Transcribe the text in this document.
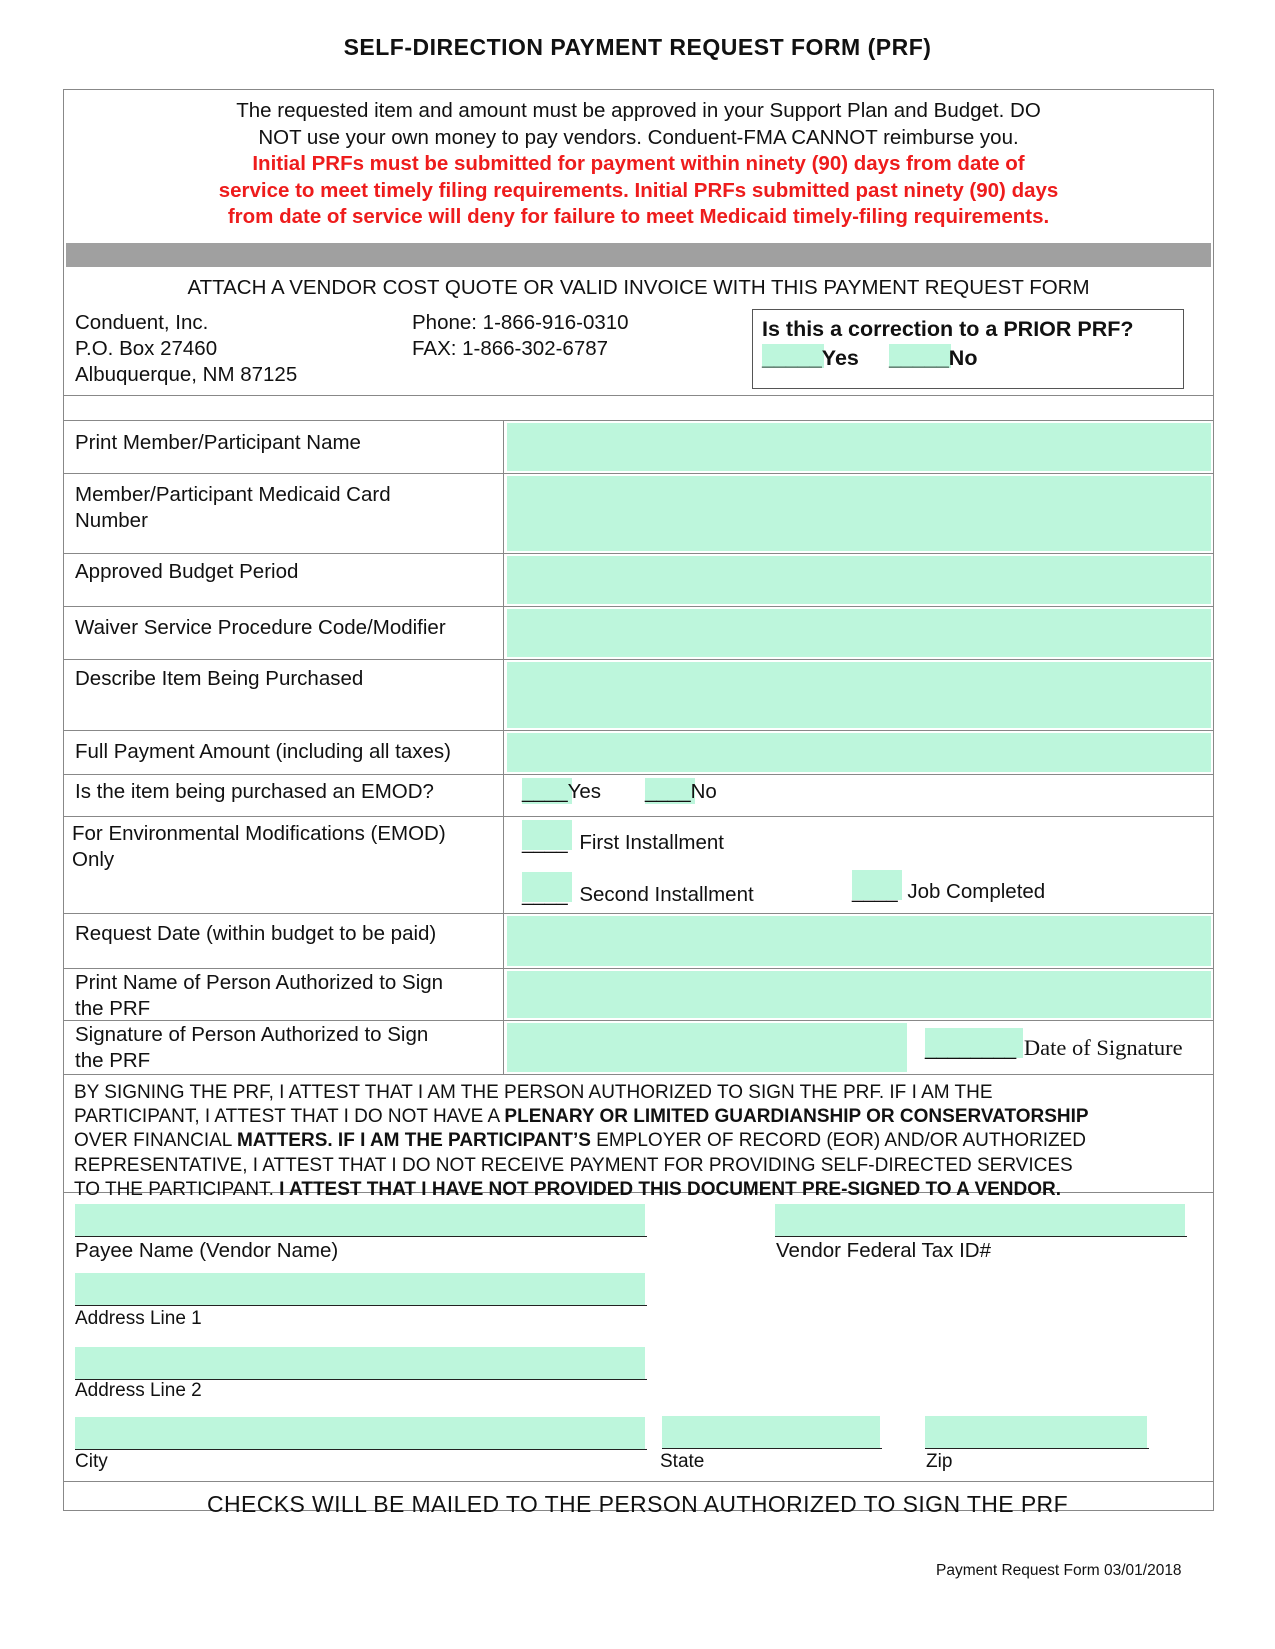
SELF-DIRECTION PAYMENT REQUEST FORM (PRF)
The requested item and amount must be approved in your Support Plan and Budget. DO
NOT use your own money to pay vendors. Conduent-FMA CANNOT reimburse you.
Initial PRFs must be submitted for payment within ninety (90) days from date of
service to meet timely filing requirements. Initial PRFs submitted past ninety (90) days
from date of service will deny for failure to meet Medicaid timely-filing requirements.
ATTACH A VENDOR COST QUOTE OR VALID INVOICE WITH THIS PAYMENT REQUEST FORM
Conduent, Inc.
P.O. Box 27460
Albuquerque, NM 87125
Phone: 1-866-916-0310
FAX: 1-866-302-6787
Is this a correction to a PRIOR PRF?
_____Yes _____No
Print Member/Participant Name
Member/Participant Medicaid Card
Number
Approved Budget Period
Waiver Service Procedure Code/Modifier
Describe Item Being Purchased
Full Payment Amount (including all taxes)
Is the item being purchased an EMOD?	____Yes ____No
For Environmental Modifications (EMOD)
Only
____ First Installment
____ Second Installment	____ Job Completed
Request Date (within budget to be paid)
Print Name of Person Authorized to Sign
the PRF
Signature of Person Authorized to Sign
the PRF
________ Date of Signature
BY SIGNING THE PRF, I ATTEST THAT I AM THE PERSON AUTHORIZED TO SIGN THE PRF. IF I AM THE
PARTICIPANT, I ATTEST THAT I DO NOT HAVE A PLENARY OR LIMITED GUARDIANSHIP OR CONSERVATORSHIP
OVER FINANCIAL MATTERS. IF I AM THE PARTICIPANT’S EMPLOYER OF RECORD (EOR) AND/OR AUTHORIZED
REPRESENTATIVE, I ATTEST THAT I DO NOT RECEIVE PAYMENT FOR PROVIDING SELF-DIRECTED SERVICES
TO THE PARTICIPANT. I ATTEST THAT I HAVE NOT PROVIDED THIS DOCUMENT PRE-SIGNED TO A VENDOR.
Payee Name (Vendor Name)	Vendor Federal Tax ID#
Address Line 1
Address Line 2
City	State	Zip
CHECKS WILL BE MAILED TO THE PERSON AUTHORIZED TO SIGN THE PRF
Payment Request Form 03/01/2018
